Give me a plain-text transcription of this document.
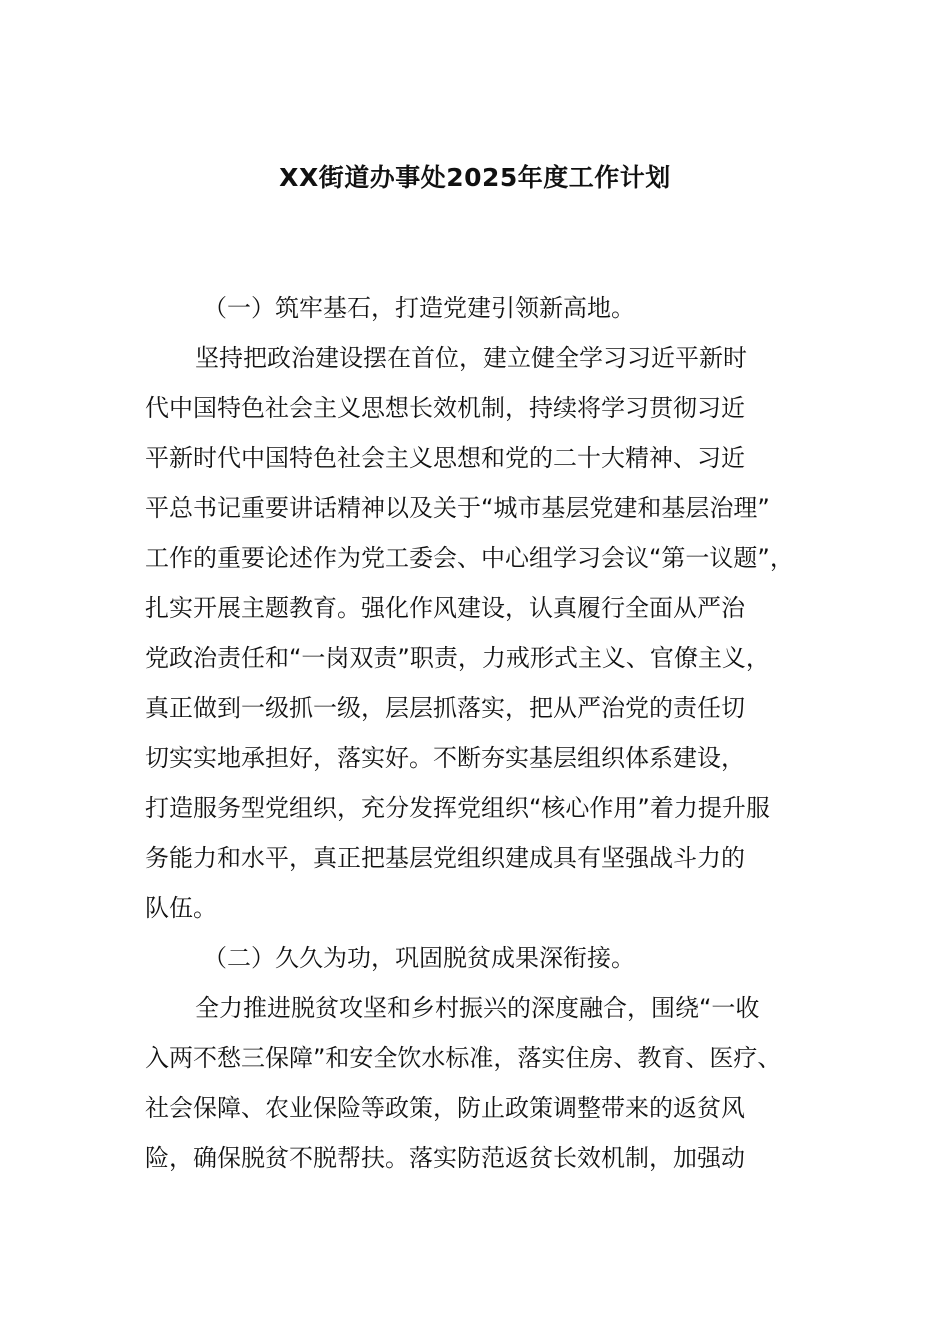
XX街道办事处2025年度工作计划

（一）筑牢基石，打造党建引领新高地。

坚持把政治建设摆在首位，建立健全学习习近平新时
代中国特色社会主义思想长效机制，持续将学习贯彻习近
平新时代中国特色社会主义思想和党的二十大精神、习近
平总书记重要讲话精神以及关于“城市基层党建和基层治理”
工作的重要论述作为党工委会、中心组学习会议“第一议题”，
扎实开展主题教育。强化作风建设，认真履行全面从严治
党政治责任和“一岗双责”职责，力戒形式主义、官僚主义，
真正做到一级抓一级，层层抓落实，把从严治党的责任切
切实实地承担好，落实好。不断夯实基层组织体系建设，
打造服务型党组织，充分发挥党组织“核心作用”着力提升服
务能力和水平，真正把基层党组织建成具有坚强战斗力的
队伍。

（二）久久为功，巩固脱贫成果深衔接。

全力推进脱贫攻坚和乡村振兴的深度融合，围绕“一收
入两不愁三保障”和安全饮水标准，落实住房、教育、医疗、
社会保障、农业保险等政策，防止政策调整带来的返贫风
险，确保脱贫不脱帮扶。落实防范返贫长效机制，加强动
